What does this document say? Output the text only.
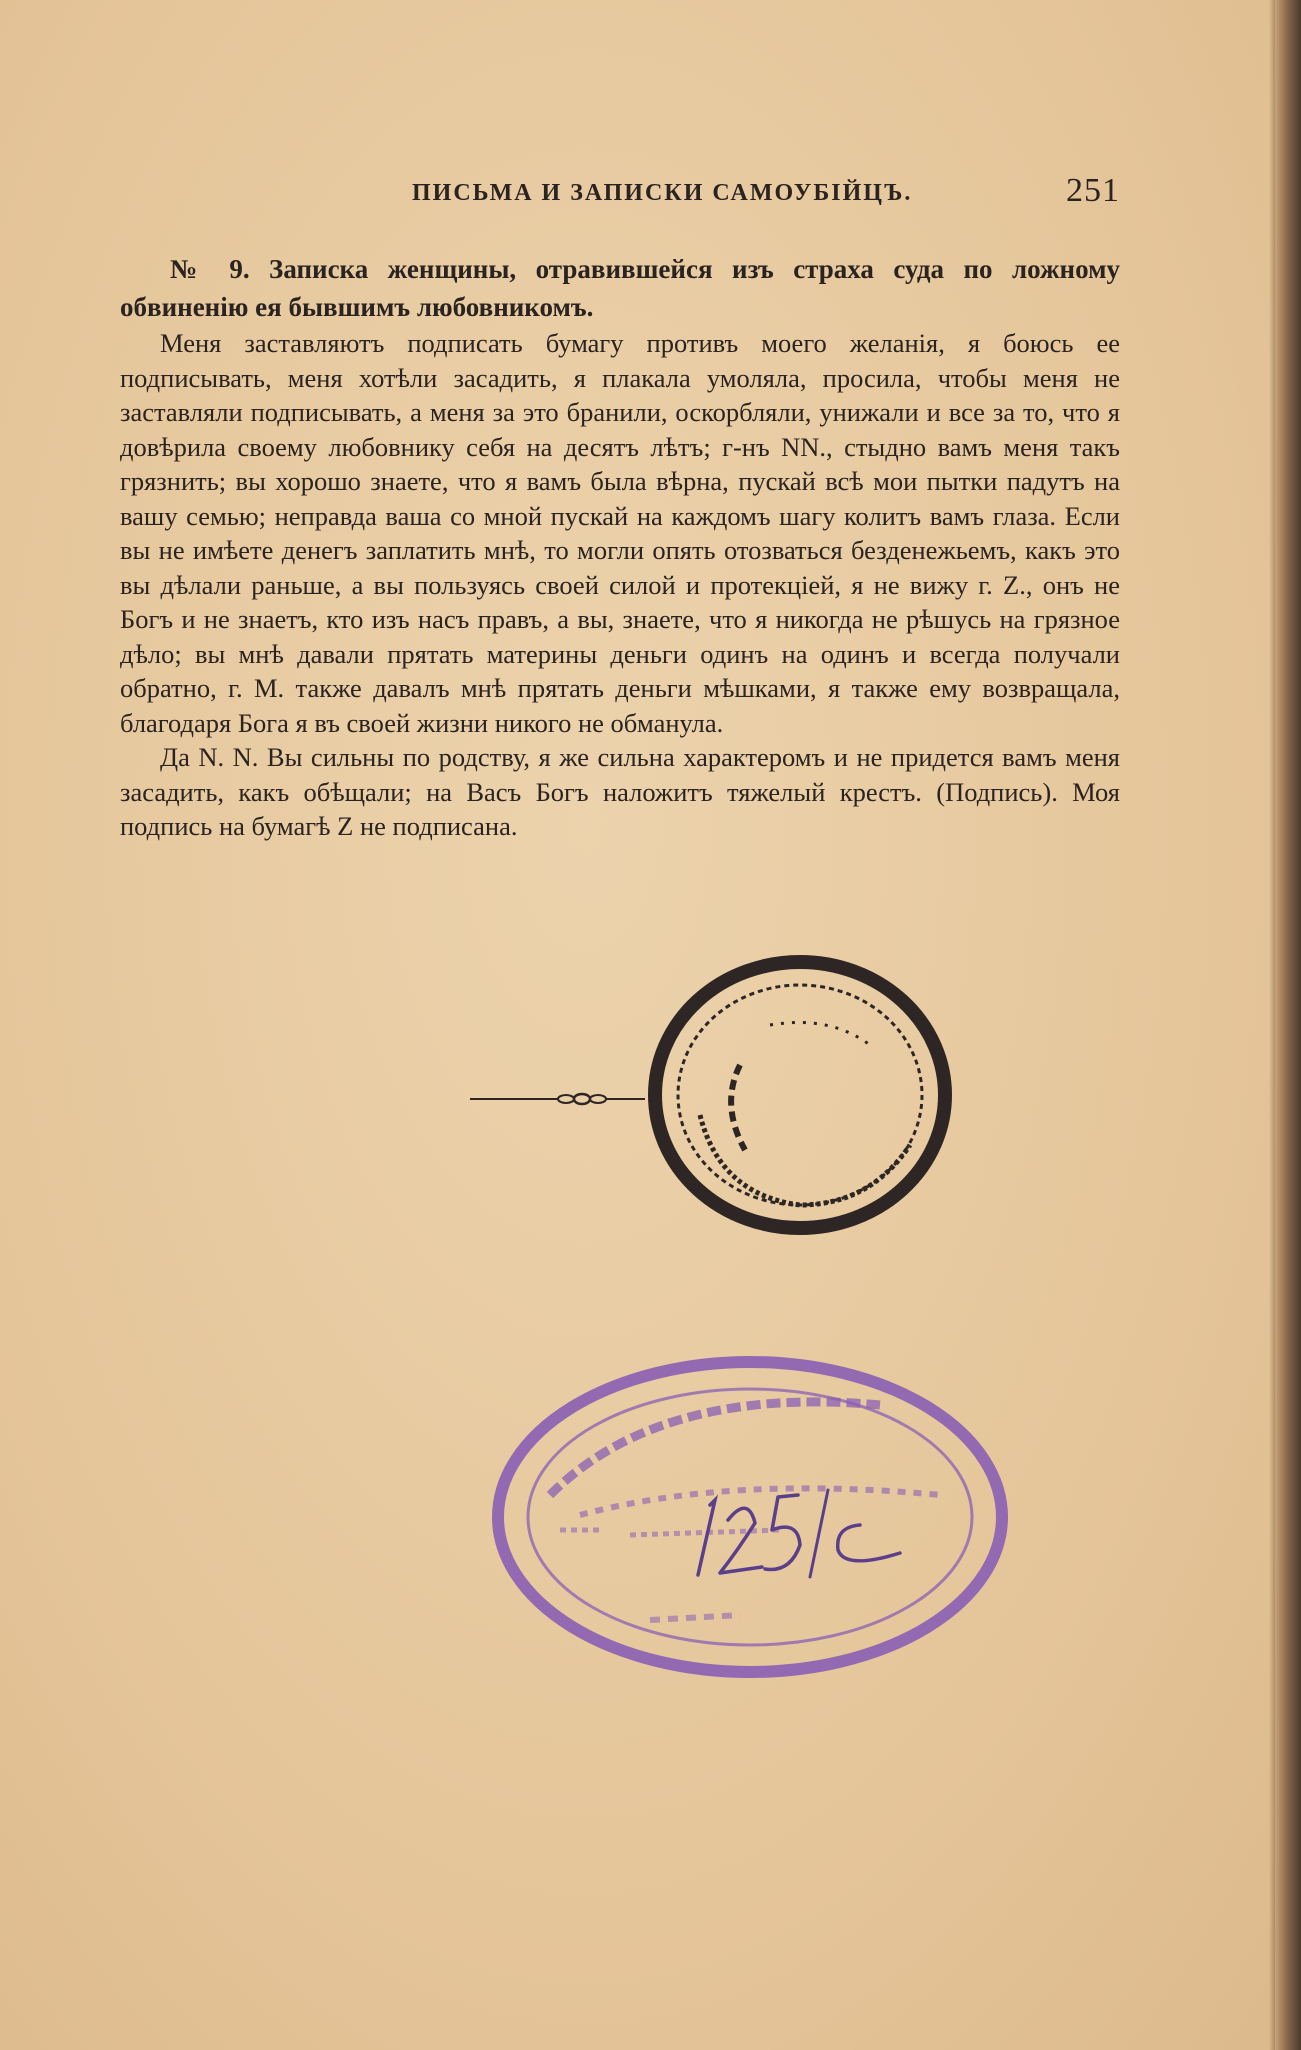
ПИСЬМА И ЗАПИСКИ САМОУБІЙЦЪ.	251

№ 9. Записка женщины, отравившейся изъ страха суда по ложному обвиненію ея бывшимъ любовникомъ.

Меня заставляютъ подписать бумагу противъ моего желанія, я боюсь ее подписывать, меня хотѣли засадить, я плакала умоляла, просила, чтобы меня не заставляли подписывать, а меня за это бранили, оскорбляли, унижали и все за то, что я довѣрила своему любовнику себя на десятъ лѣтъ; г-нъ NN., стыдно вамъ меня такъ грязнить; вы хорошо знаете, что я вамъ была вѣрна, пускай всѣ мои пытки падутъ на вашу семью; неправда ваша со мной пускай на каждомъ шагу колитъ вамъ глаза. Если вы не имѣете денегъ заплатить мнѣ, то могли опять отозваться безденежьемъ, какъ это вы дѣлали раньше, а вы пользуясь своей силой и протекціей, я не вижу г. Z., онъ не Богъ и не знаетъ, кто изъ насъ правъ, а вы, знаете, что я никогда не рѣшусь на грязное дѣло; вы мнѣ давали прятать материны деньги одинъ на одинъ и всегда получали обратно, г. M. также давалъ мнѣ прятать деньги мѣшками, я также ему возвращала, благодаря Бога я въ своей жизни никого не обманула.

Да N. N. Вы сильны по родству, я же сильна характеромъ и не придется вамъ меня засадить, какъ обѣщали; на Васъ Богъ наложитъ тяжелый крестъ. (Подпись). Моя подпись на бумагѣ Z не подписана.
